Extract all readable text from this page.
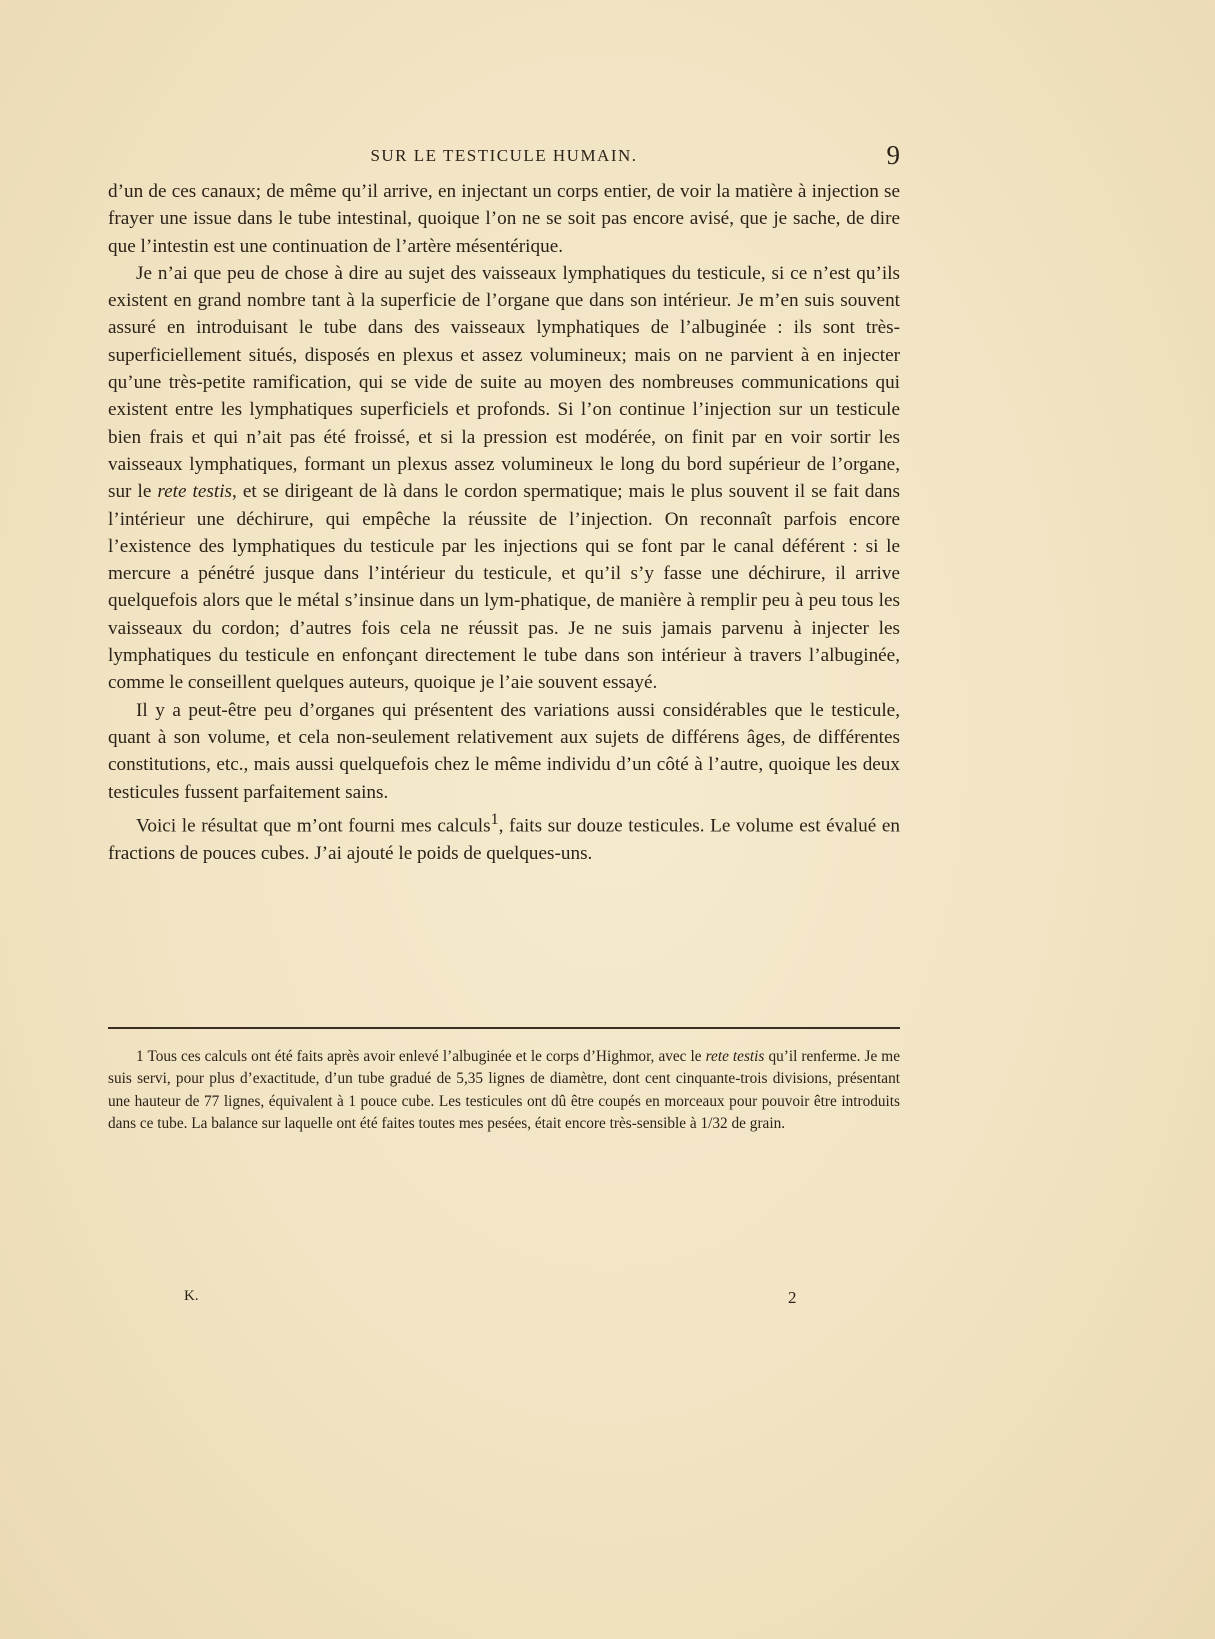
SUR LE TESTICULE HUMAIN.	9

d’un de ces canaux; de même qu’il arrive, en injectant un corps entier, de voir la matière à injection se frayer une issue dans le tube intestinal, quoique l’on ne se soit pas encore avisé, que je sache, de dire que l’intestin est une continuation de l’artère mésentérique.

Je n’ai que peu de chose à dire au sujet des vaisseaux lymphatiques du testicule, si ce n’est qu’ils existent en grand nombre tant à la superficie de l’organe que dans son intérieur. Je m’en suis souvent assuré en introduisant le tube dans des vaisseaux lymphatiques de l’albuginée : ils sont très-superficiellement situés, disposés en plexus et assez volumineux; mais on ne parvient à en injecter qu’une très-petite ramification, qui se vide de suite au moyen des nombreuses communications qui existent entre les lymphatiques superficiels et profonds. Si l’on continue l’injection sur un testicule bien frais et qui n’ait pas été froissé, et si la pression est modérée, on finit par en voir sortir les vaisseaux lymphatiques, formant un plexus assez volumineux le long du bord supérieur de l’organe, sur le rete testis, et se dirigeant de là dans le cordon spermatique; mais le plus souvent il se fait dans l’intérieur une déchirure, qui empêche la réussite de l’injection. On reconnaît parfois encore l’existence des lymphatiques du testicule par les injections qui se font par le canal déférent : si le mercure a pénétré jusque dans l’intérieur du testicule, et qu’il s’y fasse une déchirure, il arrive quelquefois alors que le métal s’insinue dans un lym-phatique, de manière à remplir peu à peu tous les vaisseaux du cordon; d’autres fois cela ne réussit pas. Je ne suis jamais parvenu à injecter les lymphatiques du testicule en enfonçant directement le tube dans son intérieur à travers l’albuginée, comme le conseillent quelques auteurs, quoique je l’aie souvent essayé.

Il y a peut-être peu d’organes qui présentent des variations aussi considérables que le testicule, quant à son volume, et cela non-seulement relativement aux sujets de différens âges, de différentes constitutions, etc., mais aussi quelquefois chez le même individu d’un côté à l’autre, quoique les deux testicules fussent parfaitement sains.

Voici le résultat que m’ont fourni mes calculs$^1$, faits sur douze testicules. Le volume est évalué en fractions de pouces cubes. J’ai ajouté le poids de quelques-uns.

1 Tous ces calculs ont été faits après avoir enlevé l’albuginée et le corps d’Highmor, avec le rete testis qu’il renferme. Je me suis servi, pour plus d’exactitude, d’un tube gradué de 5,35 lignes de diamètre, dont cent cinquante-trois divisions, présentant une hauteur de 77 lignes, équivalent à 1 pouce cube. Les testicules ont dû être coupés en morceaux pour pouvoir être introduits dans ce tube. La balance sur laquelle ont été faites toutes mes pesées, était encore très-sensible à 1/32 de grain.

K.	2
